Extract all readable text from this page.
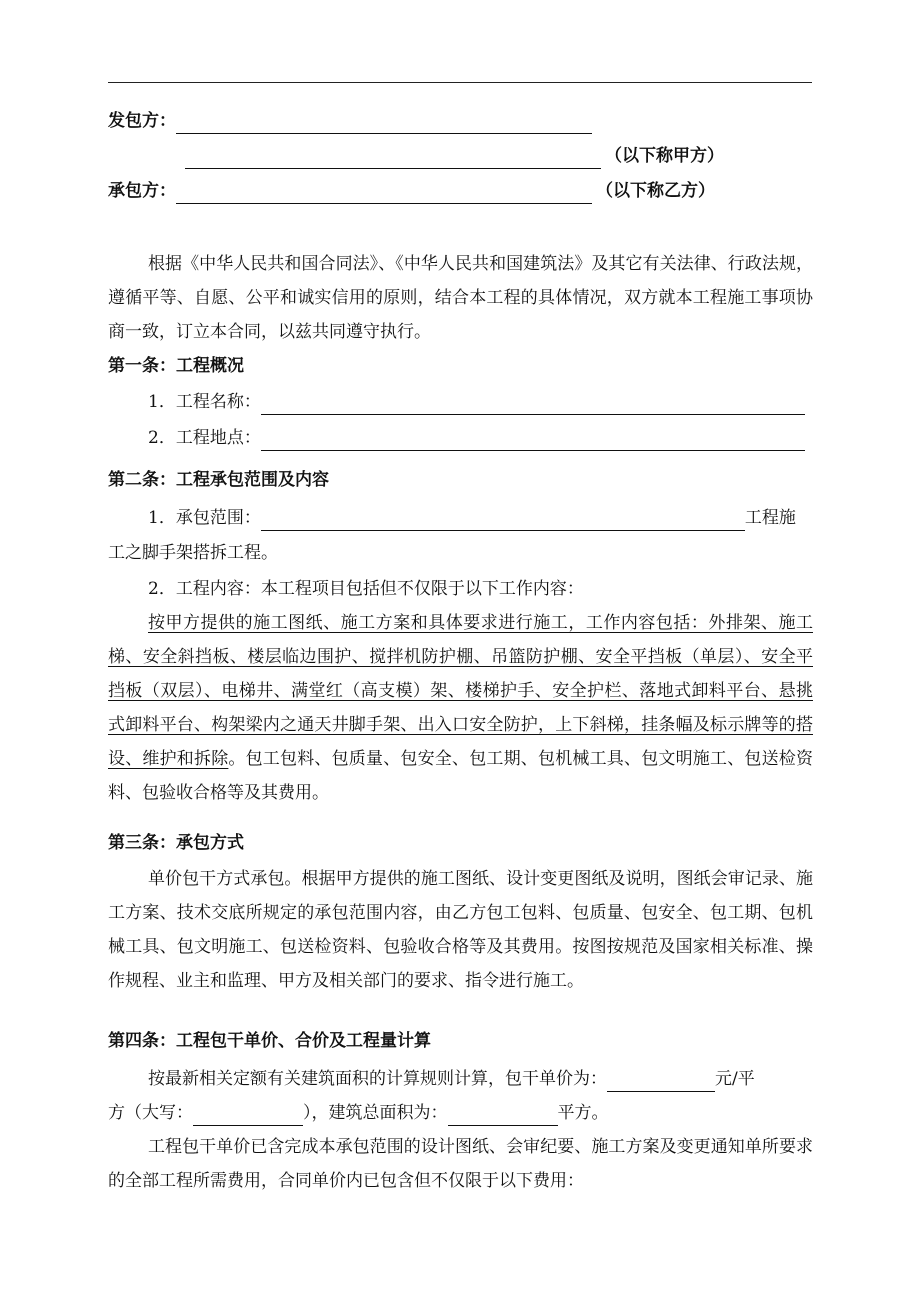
发包方：
（以下称甲方）
承包方：	（以下称乙方）
根据《中华人民共和国合同法》、《中华人民共和国建筑法》及其它有关法律、行政法规，遵循平等、自愿、公平和诚实信用的原则，结合本工程的具体情况，双方就本工程施工事项协商一致，订立本合同，以兹共同遵守执行。
第一条：工程概况
1．工程名称：
2．工程地点：
第二条：工程承包范围及内容
1．承包范围：	工程施
工之脚手架搭拆工程。
2．工程内容：本工程项目包括但不仅限于以下工作内容：
按甲方提供的施工图纸、施工方案和具体要求进行施工，工作内容包括：外排架、施工梯、安全斜挡板、楼层临边围护、搅拌机防护棚、吊篮防护棚、安全平挡板（单层）、安全平挡板（双层）、电梯井、满堂红（高支模）架、楼梯护手、安全护栏、落地式卸料平台、悬挑式卸料平台、构架梁内之通天井脚手架、出入口安全防护，上下斜梯，挂条幅及标示牌等的搭设、维护和拆除。包工包料、包质量、包安全、包工期、包机械工具、包文明施工、包送检资料、包验收合格等及其费用。
第三条：承包方式
单价包干方式承包。根据甲方提供的施工图纸、设计变更图纸及说明，图纸会审记录、施工方案、技术交底所规定的承包范围内容，由乙方包工包料、包质量、包安全、包工期、包机械工具、包文明施工、包送检资料、包验收合格等及其费用。按图按规范及国家相关标准、操作规程、业主和监理、甲方及相关部门的要求、指令进行施工。
第四条：工程包干单价、合价及工程量计算
按最新相关定额有关建筑面积的计算规则计算，包干单价为：	元/平
方（大写：	），建筑总面积为：	平方。
工程包干单价已含完成本承包范围的设计图纸、会审纪要、施工方案及变更通知单所要求的全部工程所需费用，合同单价内已包含但不仅限于以下费用：
